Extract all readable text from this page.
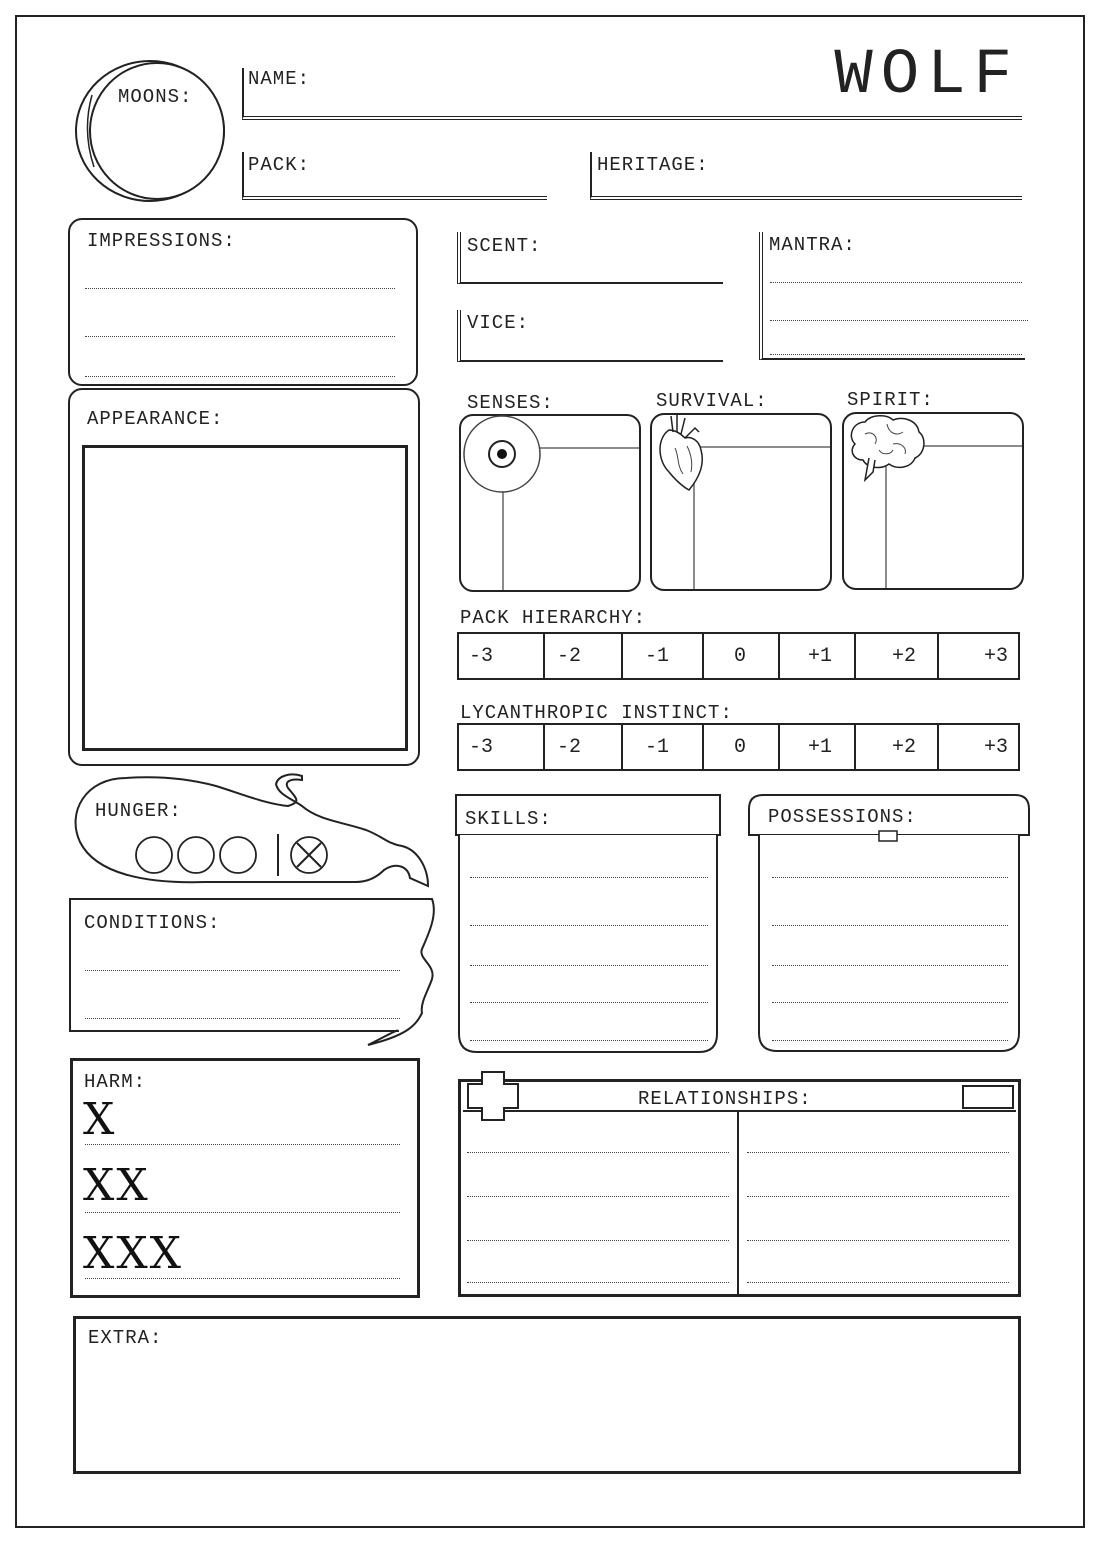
WOLF
MOONS:
NAME:
PACK:	HERITAGE:
IMPRESSIONS:	SCENT:
VICE:
MANTRA:
APPEARANCE:
SENSES:	SURVIVAL:	SPIRIT:
PACK HIERARCHY:
-3	-2	-1	0	+1	+2	+3
LYCANTHROPIC INSTINCT:
-3	-2	-1	0	+1	+2	+3
HUNGER:
CONDITIONS:
HARM:
X
XX
XXX
SKILLS:	POSSESSIONS:
RELATIONSHIPS:
EXTRA:
